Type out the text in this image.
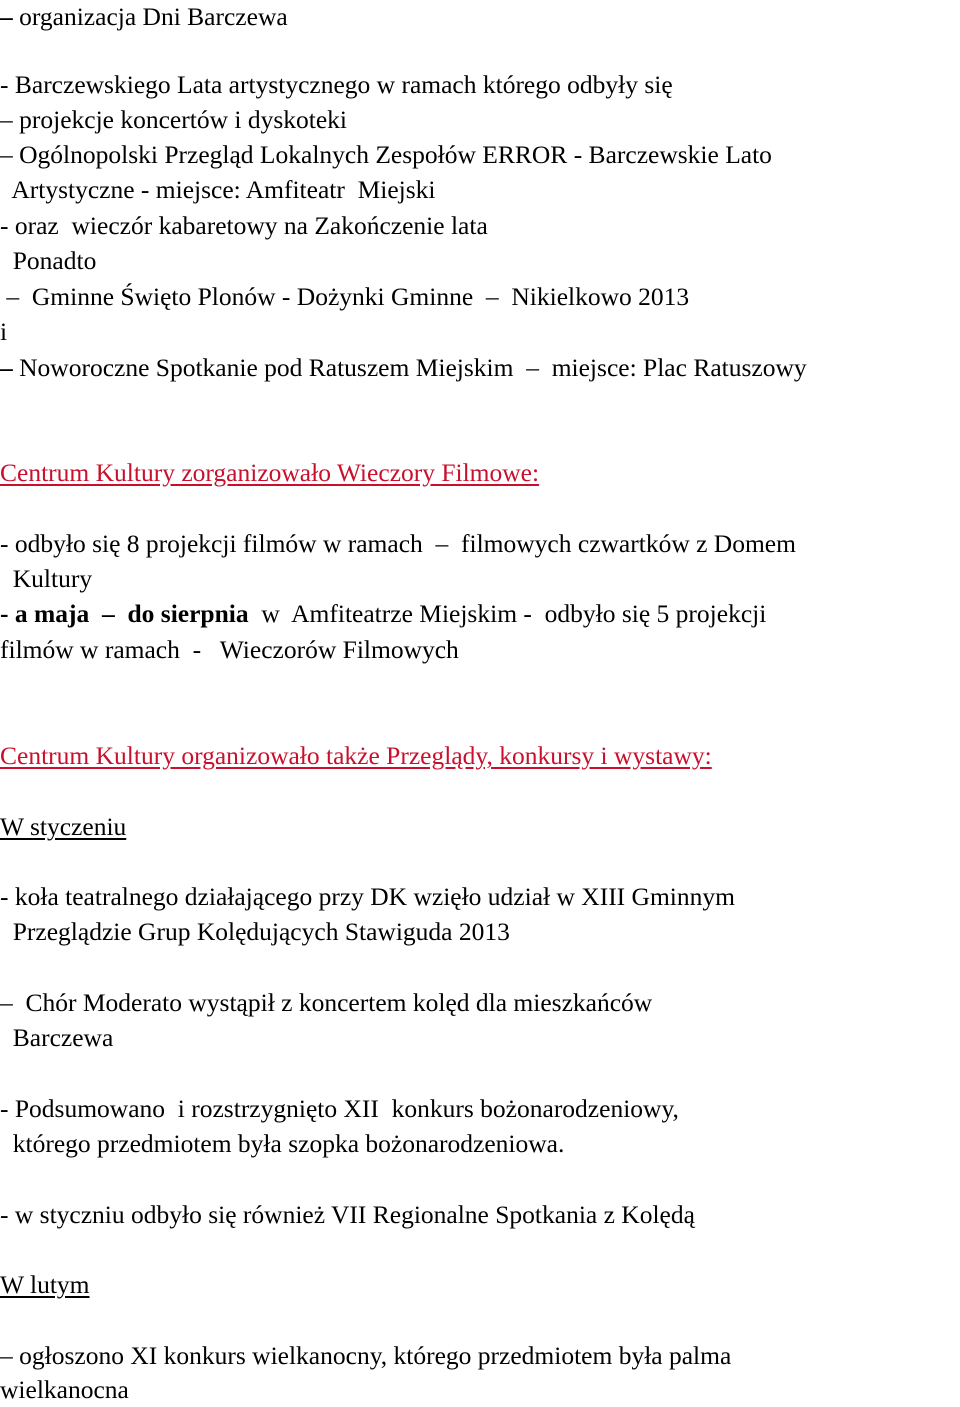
– organizacja Dni Barczewa
- Barczewskiego Lata artystycznego w ramach którego odbyły się
– projekcje koncertów i dyskoteki
– Ogólnopolski Przegląd Lokalnych Zespołów ERROR - Barczewskie Lato
Artystyczne - miejsce: Amfiteatr  Miejski
- oraz  wieczór kabaretowy na Zakończenie lata
Ponadto
–  Gminne Święto Plonów - Dożynki Gminne  –  Nikielkowo 2013
i
– Noworoczne Spotkanie pod Ratuszem Miejskim  –  miejsce: Plac Ratuszowy
Centrum Kultury zorganizowało Wieczory Filmowe:
- odbyło się 8 projekcji filmów w ramach  –  filmowych czwartków z Domem
Kultury
- a maja  –  do sierpnia  w  Amfiteatrze Miejskim -  odbyło się 5 projekcji
filmów w ramach  -   Wieczorów Filmowych
Centrum Kultury organizowało także Przeglądy, konkursy i wystawy:
W styczeniu
- koła teatralnego działającego przy DK wzięło udział w XIII Gminnym
Przeglądzie Grup Kolędujących Stawiguda 2013
–  Chór Moderato wystąpił z koncertem kolęd dla mieszkańców
Barczewa
- Podsumowano  i rozstrzygnięto XII  konkurs bożonarodzeniowy,
którego przedmiotem była szopka bożonarodzeniowa.
- w styczniu odbyło się również VII Regionalne Spotkania z Kolędą
W lutym
– ogłoszono XI konkurs wielkanocny, którego przedmiotem była palma
wielkanocna
